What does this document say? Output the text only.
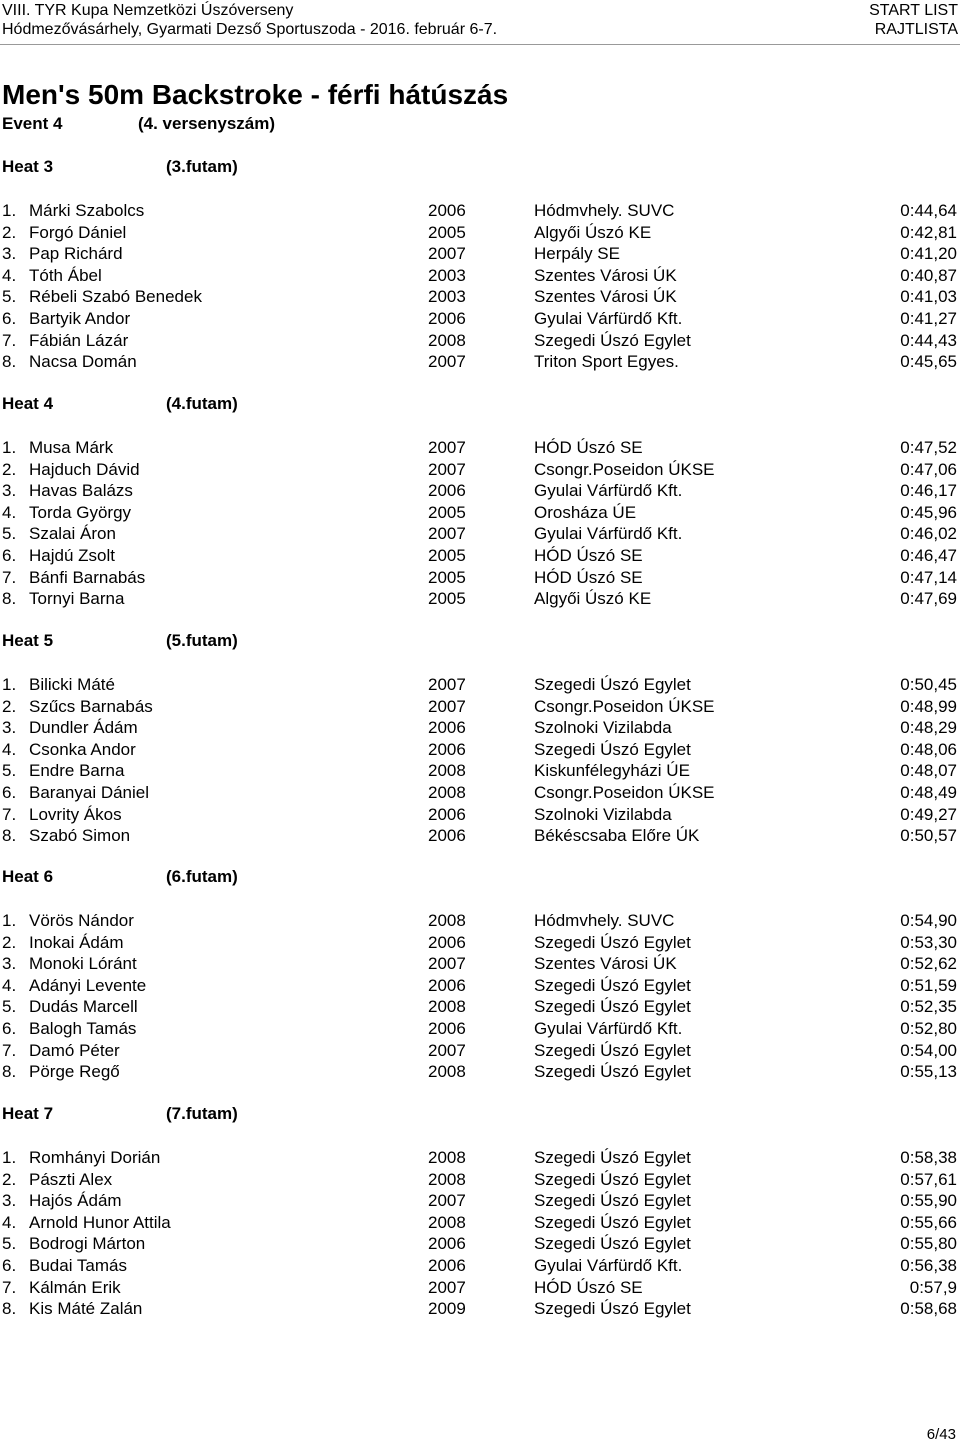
VIII. TYR Kupa Nemzetközi Úszóverseny	START LIST
Hódmezővásárhely, Gyarmati Dezső Sportuszoda - 2016. február 6-7.	RAJTLISTA
Men's 50m Backstroke - férfi hátúszás
Event 4	(4. versenyszám)
Heat 3	(3.futam)
1. Márki Szabolcs	2006	Hódmvhely. SUVC	0:44,64
2. Forgó Dániel	2005	Algyői Úszó KE	0:42,81
3. Pap Richárd	2007	Herpály SE	0:41,20
4. Tóth Ábel	2003	Szentes Városi ÚK	0:40,87
5. Rébeli Szabó Benedek	2003	Szentes Városi ÚK	0:41,03
6. Bartyik Andor	2006	Gyulai Várfürdő Kft.	0:41,27
7. Fábián Lázár	2008	Szegedi Úszó Egylet	0:44,43
8. Nacsa Domán	2007	Triton Sport Egyes.	0:45,65
Heat 4	(4.futam)
1. Musa Márk	2007	HÓD Úszó SE	0:47,52
2. Hajduch Dávid	2007	Csongr.Poseidon ÚKSE	0:47,06
3. Havas Balázs	2006	Gyulai Várfürdő Kft.	0:46,17
4. Torda György	2005	Orosháza ÚE	0:45,96
5. Szalai Áron	2007	Gyulai Várfürdő Kft.	0:46,02
6. Hajdú Zsolt	2005	HÓD Úszó SE	0:46,47
7. Bánfi Barnabás	2005	HÓD Úszó SE	0:47,14
8. Tornyi Barna	2005	Algyői Úszó KE	0:47,69
Heat 5	(5.futam)
1. Bilicki Máté	2007	Szegedi Úszó Egylet	0:50,45
2. Szűcs Barnabás	2007	Csongr.Poseidon ÚKSE	0:48,99
3. Dundler Ádám	2006	Szolnoki Vizilabda	0:48,29
4. Csonka Andor	2006	Szegedi Úszó Egylet	0:48,06
5. Endre Barna	2008	Kiskunfélegyházi ÚE	0:48,07
6. Baranyai Dániel	2008	Csongr.Poseidon ÚKSE	0:48,49
7. Lovrity Ákos	2006	Szolnoki Vizilabda	0:49,27
8. Szabó Simon	2006	Békéscsaba Előre ÚK	0:50,57
Heat 6	(6.futam)
1. Vörös Nándor	2008	Hódmvhely. SUVC	0:54,90
2. Inokai Ádám	2006	Szegedi Úszó Egylet	0:53,30
3. Monoki Lóránt	2007	Szentes Városi ÚK	0:52,62
4. Adányi Levente	2006	Szegedi Úszó Egylet	0:51,59
5. Dudás Marcell	2008	Szegedi Úszó Egylet	0:52,35
6. Balogh Tamás	2006	Gyulai Várfürdő Kft.	0:52,80
7. Damó Péter	2007	Szegedi Úszó Egylet	0:54,00
8. Pörge Regő	2008	Szegedi Úszó Egylet	0:55,13
Heat 7	(7.futam)
1. Romhányi Dorián	2008	Szegedi Úszó Egylet	0:58,38
2. Pászti Alex	2008	Szegedi Úszó Egylet	0:57,61
3. Hajós Ádám	2007	Szegedi Úszó Egylet	0:55,90
4. Arnold Hunor Attila	2008	Szegedi Úszó Egylet	0:55,66
5. Bodrogi Márton	2006	Szegedi Úszó Egylet	0:55,80
6. Budai Tamás	2006	Gyulai Várfürdő Kft.	0:56,38
7. Kálmán Erik	2007	HÓD Úszó SE	0:57,9
8. Kis Máté Zalán	2009	Szegedi Úszó Egylet	0:58,68
6/43
